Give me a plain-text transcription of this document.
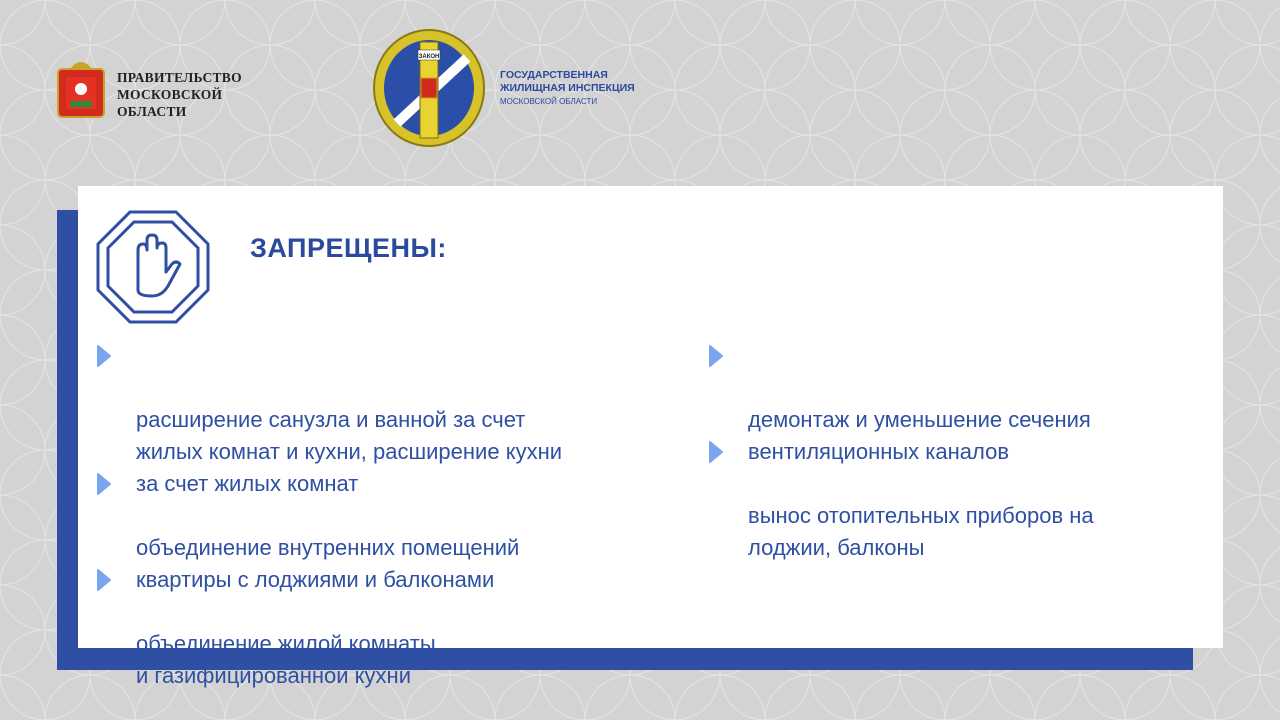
ПРАВИТЕЛЬСТВО
МОСКОВСКОЙ
ОБЛАСТИ
ЗАКОН
ГОСУДАРСТВЕННАЯ
ЖИЛИЩНАЯ ИНСПЕКЦИЯ
МОСКОВСКОЙ ОБЛАСТИ
ЗАПРЕЩЕНЫ:

расширение санузла и ванной за счет
жилых комнат и кухни, расширение кухни
за счет жилых комнат

объединение внутренних помещений
квартиры с лоджиями и балконами

объединение жилой комнаты
и газифицированной кухни

демонтаж и уменьшение сечения
вентиляционных каналов

вынос отопительных приборов на
лоджии, балконы
